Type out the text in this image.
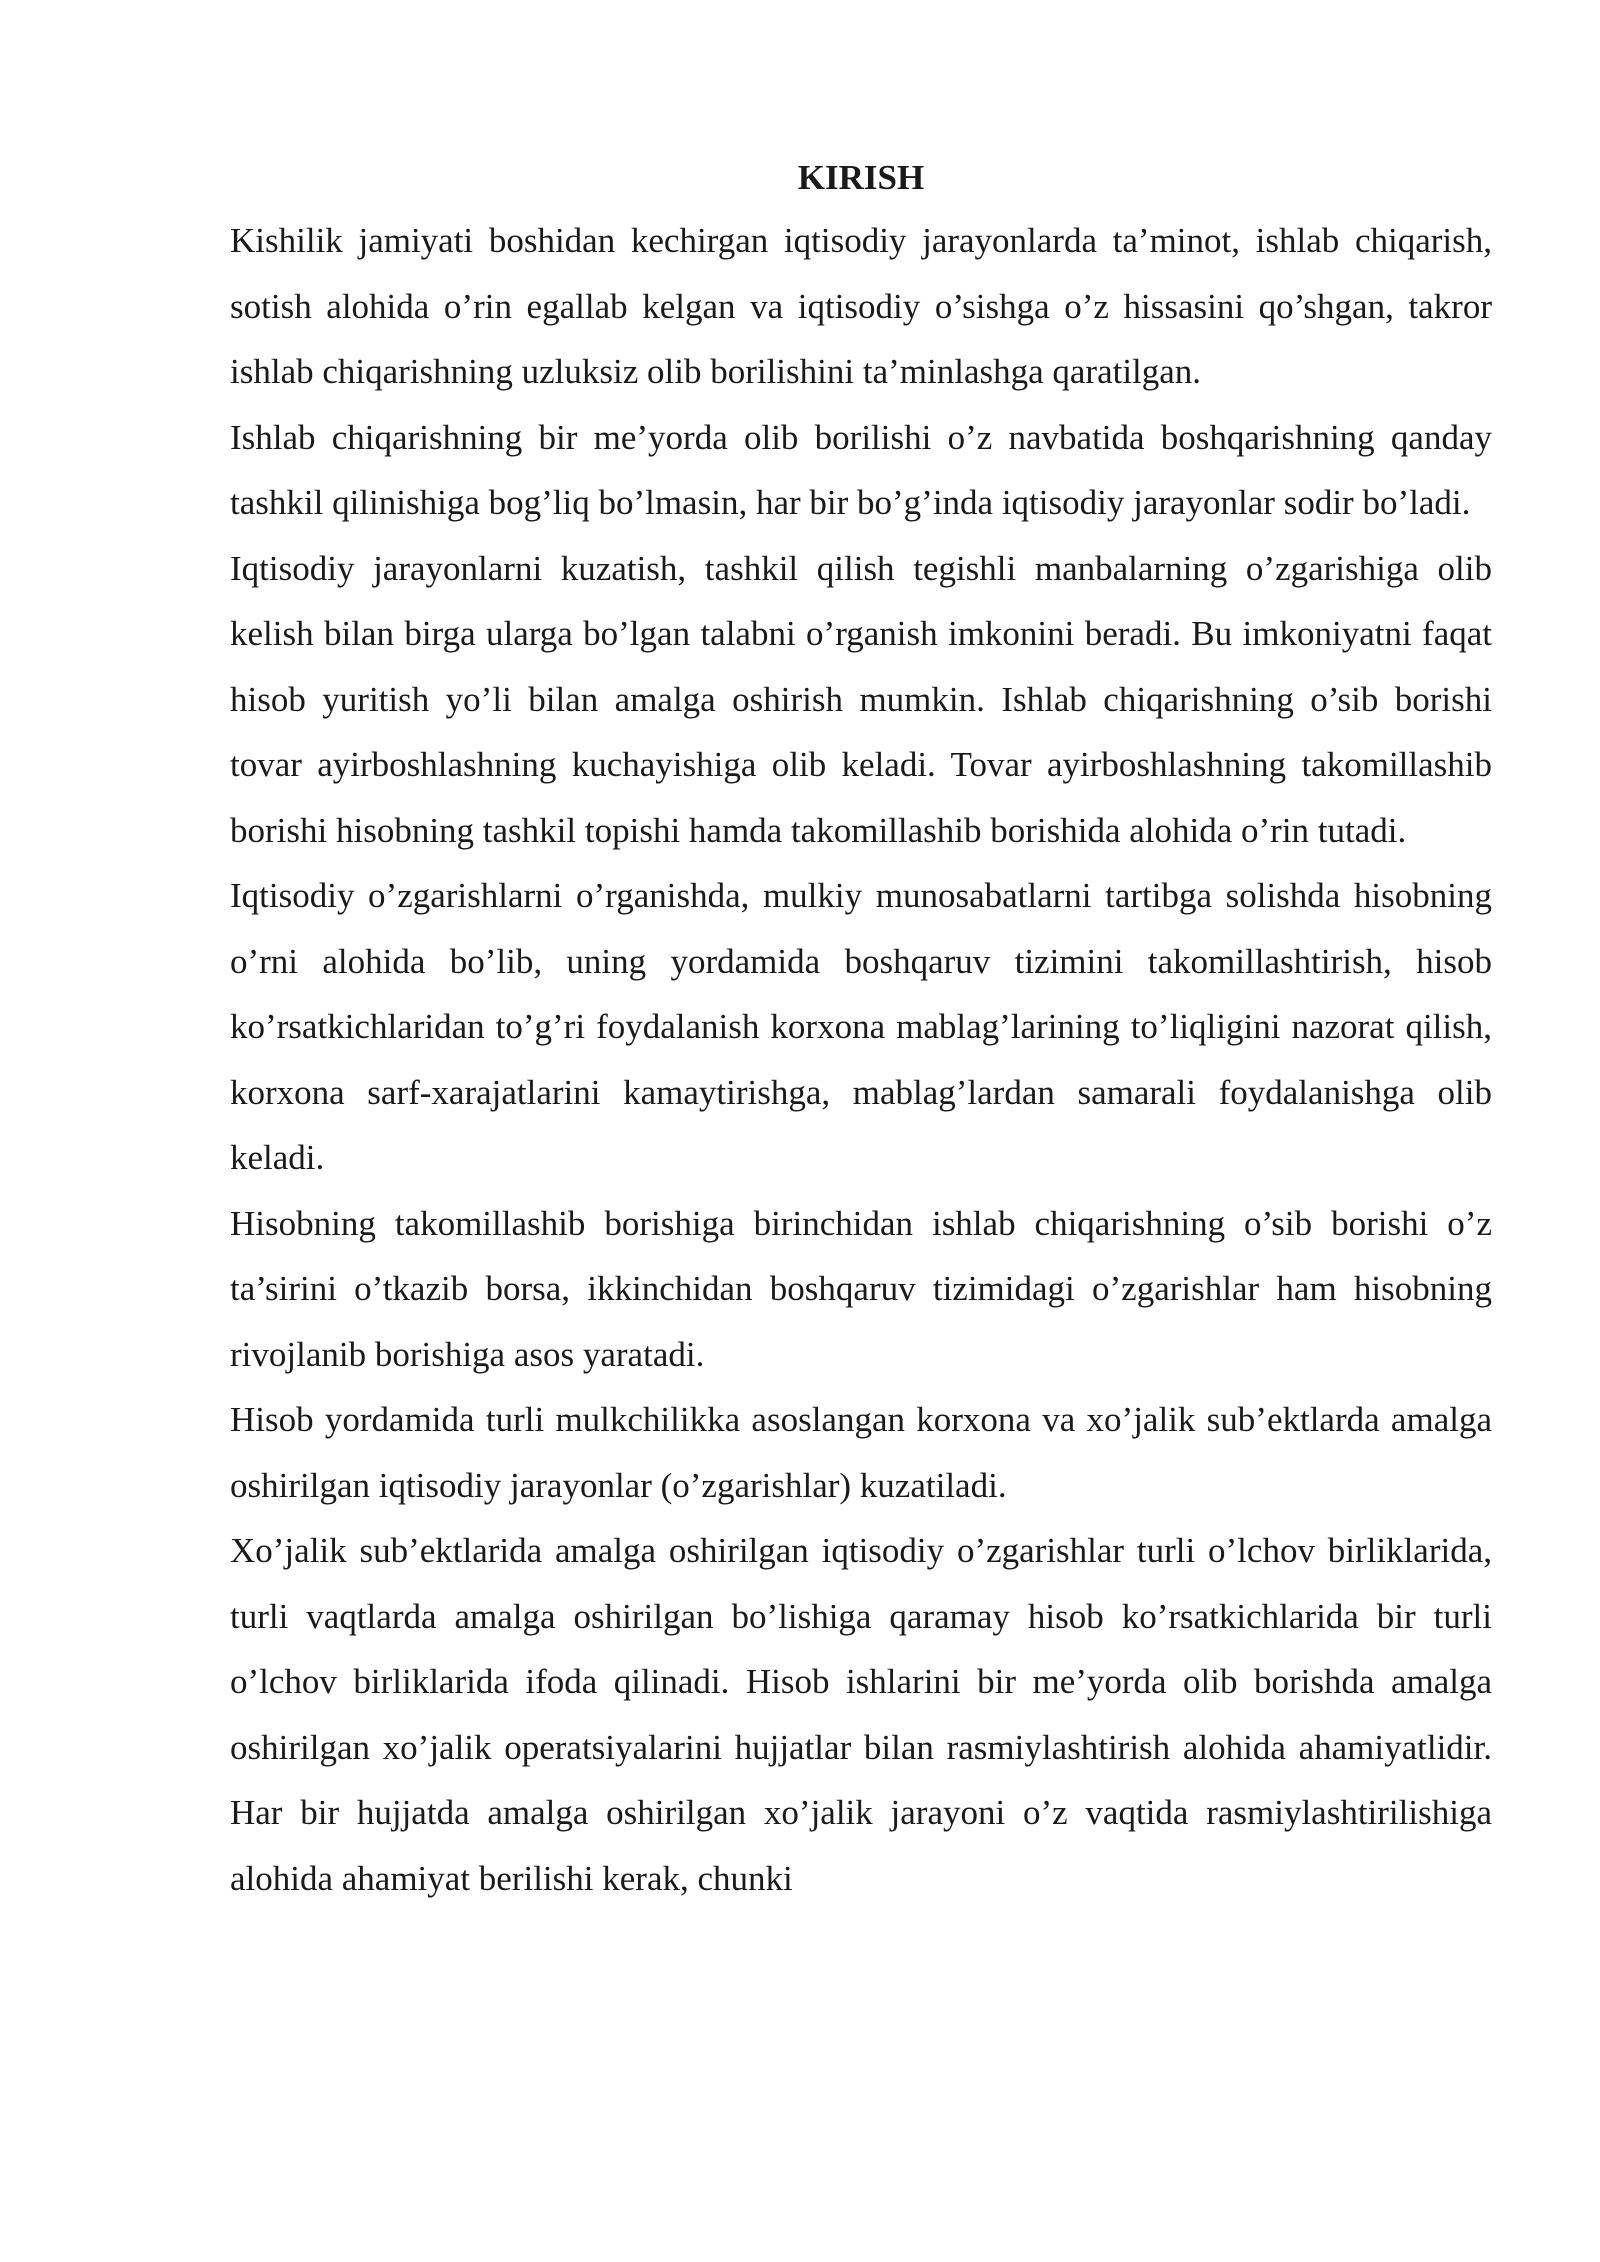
KIRISH

Kishilik jamiyati boshidan kechirgan iqtisodiy jarayonlarda ta’minot, ishlab chiqarish, sotish alohida o’rin egallab kelgan va iqtisodiy o’sishga o’z hissasini qo’shgan, takror ishlab chiqarishning uzluksiz olib borilishini ta’minlashga qaratilgan.

Ishlab chiqarishning bir me’yorda olib borilishi o’z navbatida boshqarishning qanday tashkil qilinishiga bog’liq bo’lmasin, har bir bo’g’inda iqtisodiy jarayonlar sodir bo’ladi.

Iqtisodiy jarayonlarni kuzatish, tashkil qilish tegishli manbalarning o’zgarishiga olib kelish bilan birga ularga bo’lgan talabni o’rganish imkonini beradi. Bu imkoniyatni faqat hisob yuritish yo’li bilan amalga oshirish mumkin. Ishlab chiqarishning o’sib borishi tovar ayirboshlashning kuchayishiga olib keladi. Tovar ayirboshlashning takomillashib borishi hisobning tashkil topishi hamda takomillashib borishida alohida o’rin tutadi.

Iqtisodiy o’zgarishlarni o’rganishda, mulkiy munosabatlarni tartibga solishda hisobning o’rni alohida bo’lib, uning yordamida boshqaruv tizimini takomillashtirish, hisob ko’rsatkichlaridan to’g’ri foydalanish korxona mablag’larining to’liqligini nazorat qilish, korxona sarf-xarajatlarini kamaytirishga, mablag’lardan samarali foydalanishga olib keladi.

Hisobning takomillashib borishiga birinchidan ishlab chiqarishning o’sib borishi o’z ta’sirini o’tkazib borsa, ikkinchidan boshqaruv tizimidagi o’zgarishlar ham hisobning rivojlanib borishiga asos yaratadi.

Hisob yordamida turli mulkchilikka asoslangan korxona va xo’jalik sub’ektlarda amalga oshirilgan iqtisodiy jarayonlar (o’zgarishlar) kuzatiladi.

Xo’jalik sub’ektlarida amalga oshirilgan iqtisodiy o’zgarishlar turli o’lchov birliklarida, turli vaqtlarda amalga oshirilgan bo’lishiga qaramay hisob ko’rsatkichlarida bir turli o’lchov birliklarida ifoda qilinadi. Hisob ishlarini bir me’yorda olib borishda amalga oshirilgan xo’jalik operatsiyalarini hujjatlar bilan rasmiylashtirish alohida ahamiyatlidir. Har bir hujjatda amalga oshirilgan xo’jalik jarayoni o’z vaqtida rasmiylashtirilishiga alohida ahamiyat berilishi kerak, chunki
